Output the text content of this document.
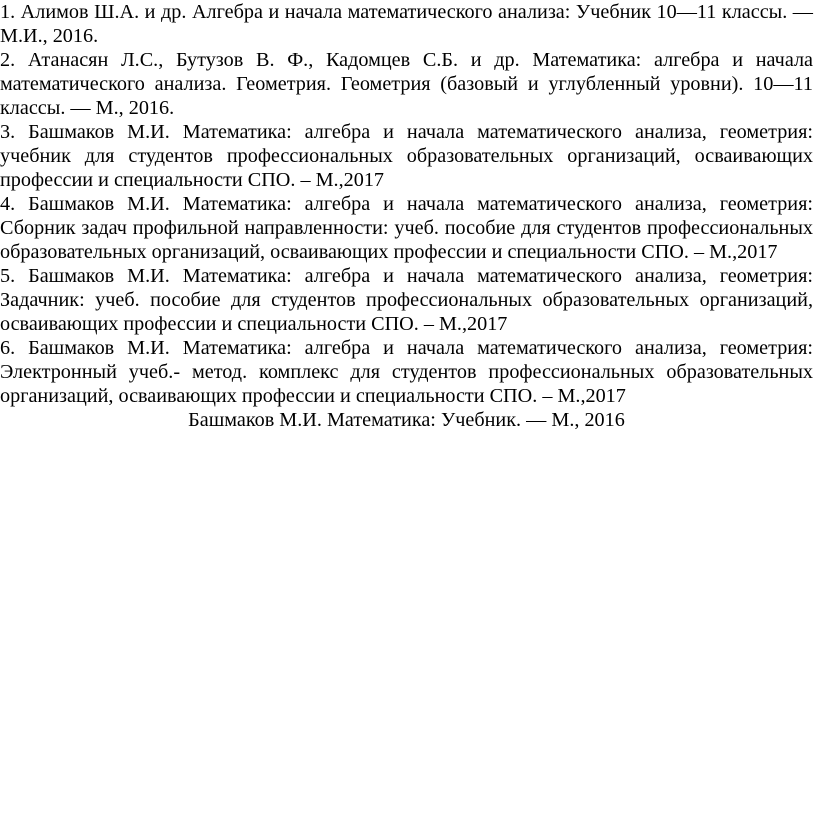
1. Алимов Ш.А. и др. Алгебра и начала математического анализа: Учебник 10—11 классы. — М.И., 2016.

2. Атанасян Л.С., Бутузов В. Ф., Кадомцев С.Б. и др. Математика: алгебра и начала математического анализа. Геометрия. Геометрия (базовый и углубленный уровни). 10—11 классы. — М., 2016.

3. Башмаков М.И. Математика: алгебра и начала математического анализа, геометрия: учебник для студентов профессиональных образовательных организаций, осваивающих профессии и специальности СПО. – М.,2017

4. Башмаков М.И. Математика: алгебра и начала математического анализа, геометрия: Сборник задач профильной направленности: учеб. пособие для студентов профессиональных образовательных организаций, осваивающих профессии и специальности СПО. – М.,2017

5. Башмаков М.И. Математика: алгебра и начала математического анализа, геометрия: Задачник: учеб. пособие для студентов профессиональных образовательных организаций, осваивающих профессии и специальности СПО. – М.,2017

6. Башмаков М.И. Математика: алгебра и начала математического анализа, геометрия: Электронный учеб.- метод. комплекс для студентов профессиональных образовательных организаций, осваивающих профессии и специальности СПО. – М.,2017

Башмаков М.И. Математика: Учебник. — М., 2016
